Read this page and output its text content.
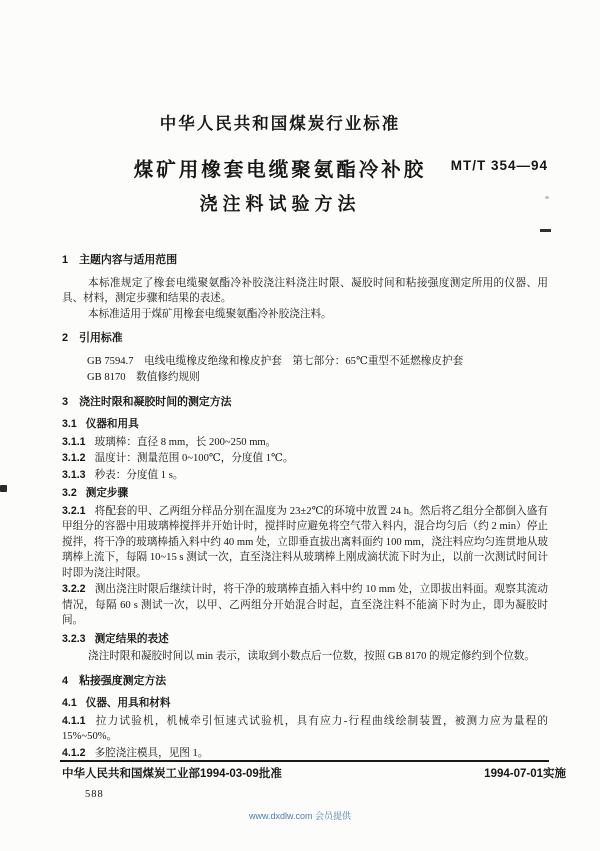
中华人民共和国煤炭行业标准
煤矿用橡套电缆聚氨酯冷补胶
浇注料试验方法
MT/T 354—94

1 主题内容与适用范围

本标准规定了橡套电缆聚氨酯冷补胶浇注料浇注时限、凝胶时间和粘接强度测定所用的仪器、用具、材料，测定步骤和结果的表述。

本标准适用于煤矿用橡套电缆聚氨酯冷补胶浇注料。

2 引用标准

GB 7594.7　电线电缆橡皮绝缘和橡皮护套　第七部分：65℃重型不延燃橡皮护套

GB 8170　数值修约规则

3 浇注时限和凝胶时间的测定方法

3.1 仪器和用具

3.1.1 玻璃棒：直径 8 mm，长 200~250 mm。

3.1.2 温度计：测量范围 0~100℃，分度值 1℃。

3.1.3 秒表：分度值 1 s。

3.2 测定步骤

3.2.1 将配套的甲、乙两组分样品分别在温度为 23±2℃的环境中放置 24 h。然后将乙组分全都倒入盛有甲组分的容器中用玻璃棒搅拌并开始计时，搅拌时应避免将空气带入料内，混合均匀后（约 2 min）停止搅拌，将干净的玻璃棒插入料中约 40 mm 处，立即垂直拔出离料面约 100 mm，浇注料应均匀连贯地从玻璃棒上流下，每隔 10~15 s 测试一次，直至浇注料从玻璃棒上刚成滴状流下时为止，以前一次测试时间计时即为浇注时限。

3.2.2 测出浇注时限后继续计时，将干净的玻璃棒直插入料中约 10 mm 处，立即拔出料面。观察其流动情况，每隔 60 s 测试一次，以甲、乙两组分开始混合时起，直至浇注料不能滴下时为止，即为凝胶时间。

3.2.3 测定结果的表述

浇注时限和凝胶时间以 min 表示，读取到小数点后一位数，按照 GB 8170 的规定修约到个位数。

4 粘接强度测定方法

4.1 仪器、用具和材料

4.1.1 拉力试验机，机械牵引恒速式试验机，具有应力-行程曲线绘制装置，被测力应为量程的 15%~50%。

4.1.2 多腔浇注模具，见图 1。

中华人民共和国煤炭工业部1994-03-09批准	1994-07-01实施
588
www.dxdlw.com 会员提供
